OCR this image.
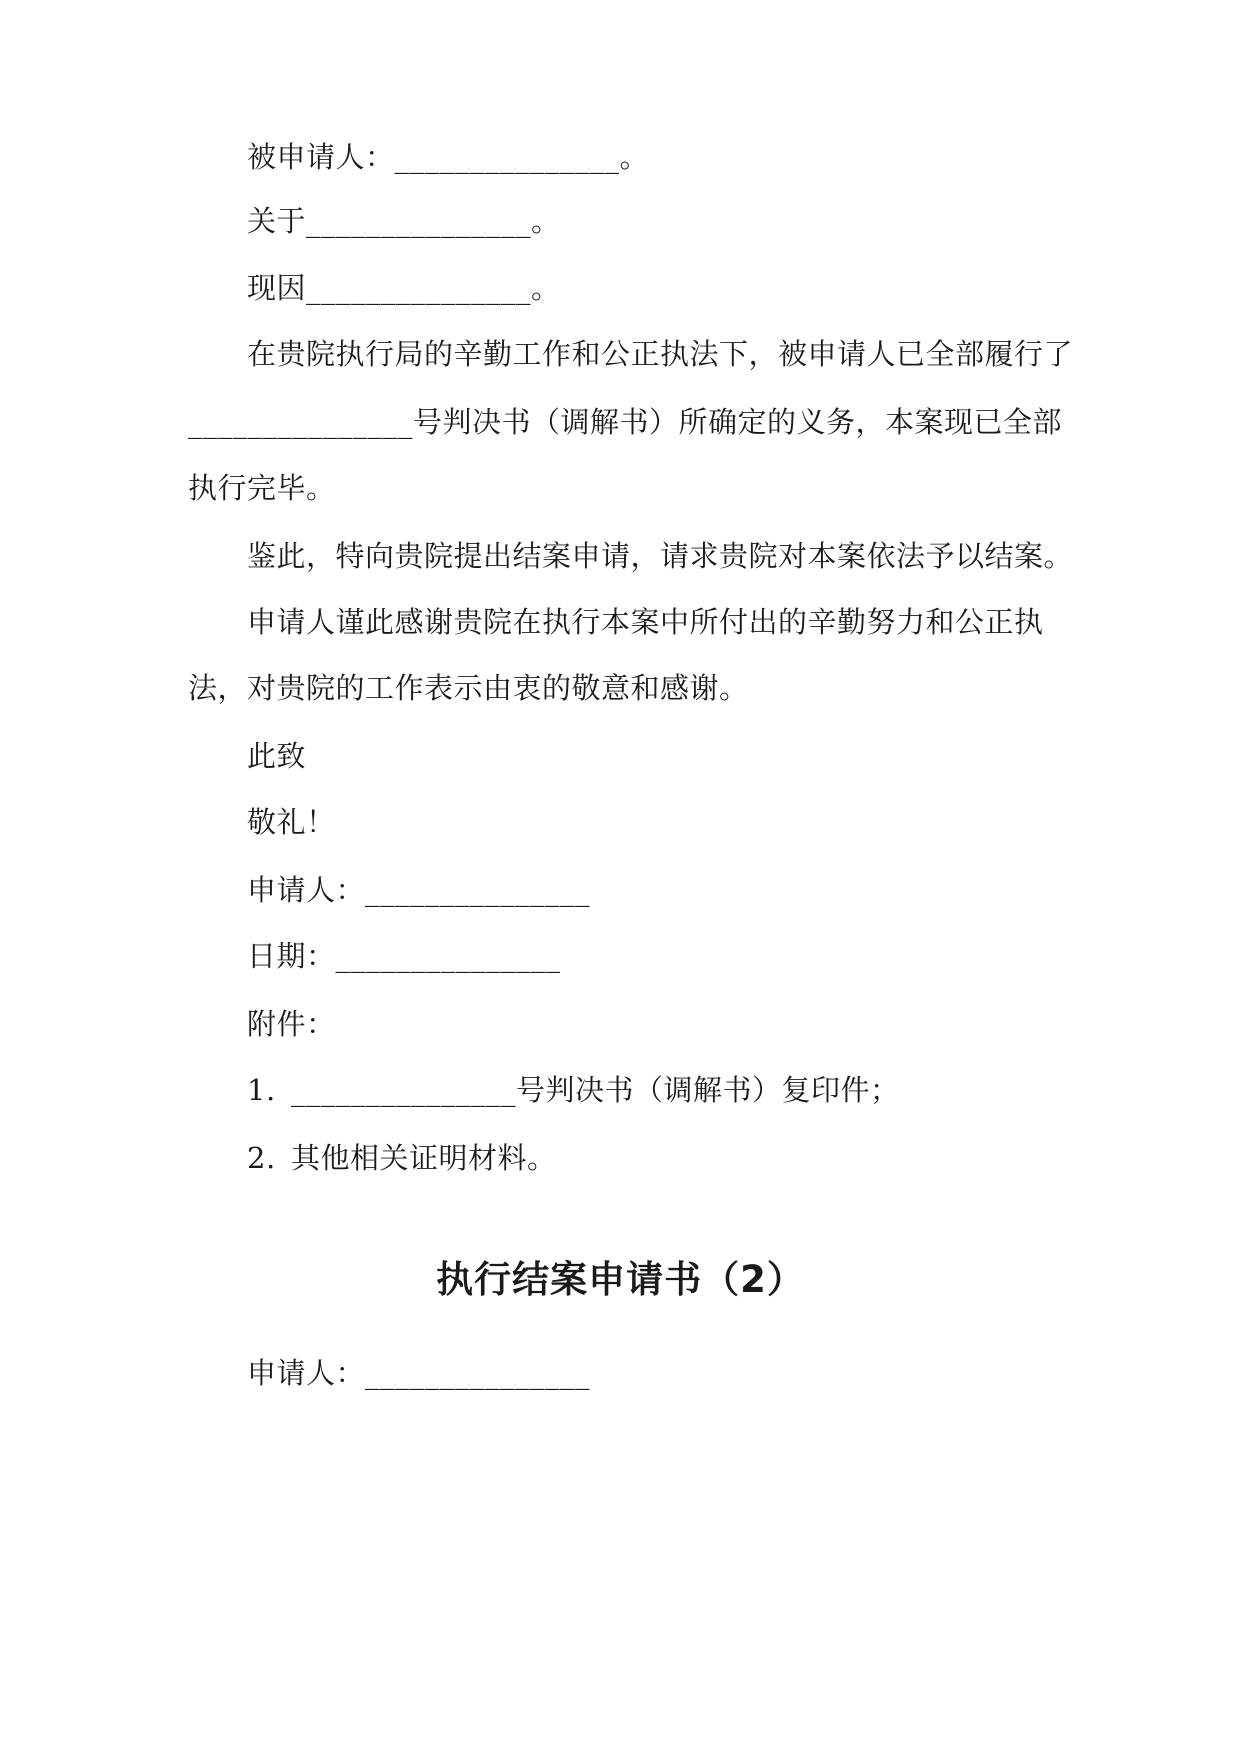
被申请人：_______________。
关于_______________。
现因_______________。
在贵院执行局的辛勤工作和公正执法下，被申请人已全部履行了
_______________号判决书（调解书）所确定的义务，本案现已全部
执行完毕。
鉴此，特向贵院提出结案申请，请求贵院对本案依法予以结案。
申请人谨此感谢贵院在执行本案中所付出的辛勤努力和公正执
法，对贵院的工作表示由衷的敬意和感谢。
此致
敬礼！
申请人：_______________
日期：_______________
附件：
1. _______________号判决书（调解书）复印件；
2. 其他相关证明材料。
执行结案申请书（2）
申请人：_______________
